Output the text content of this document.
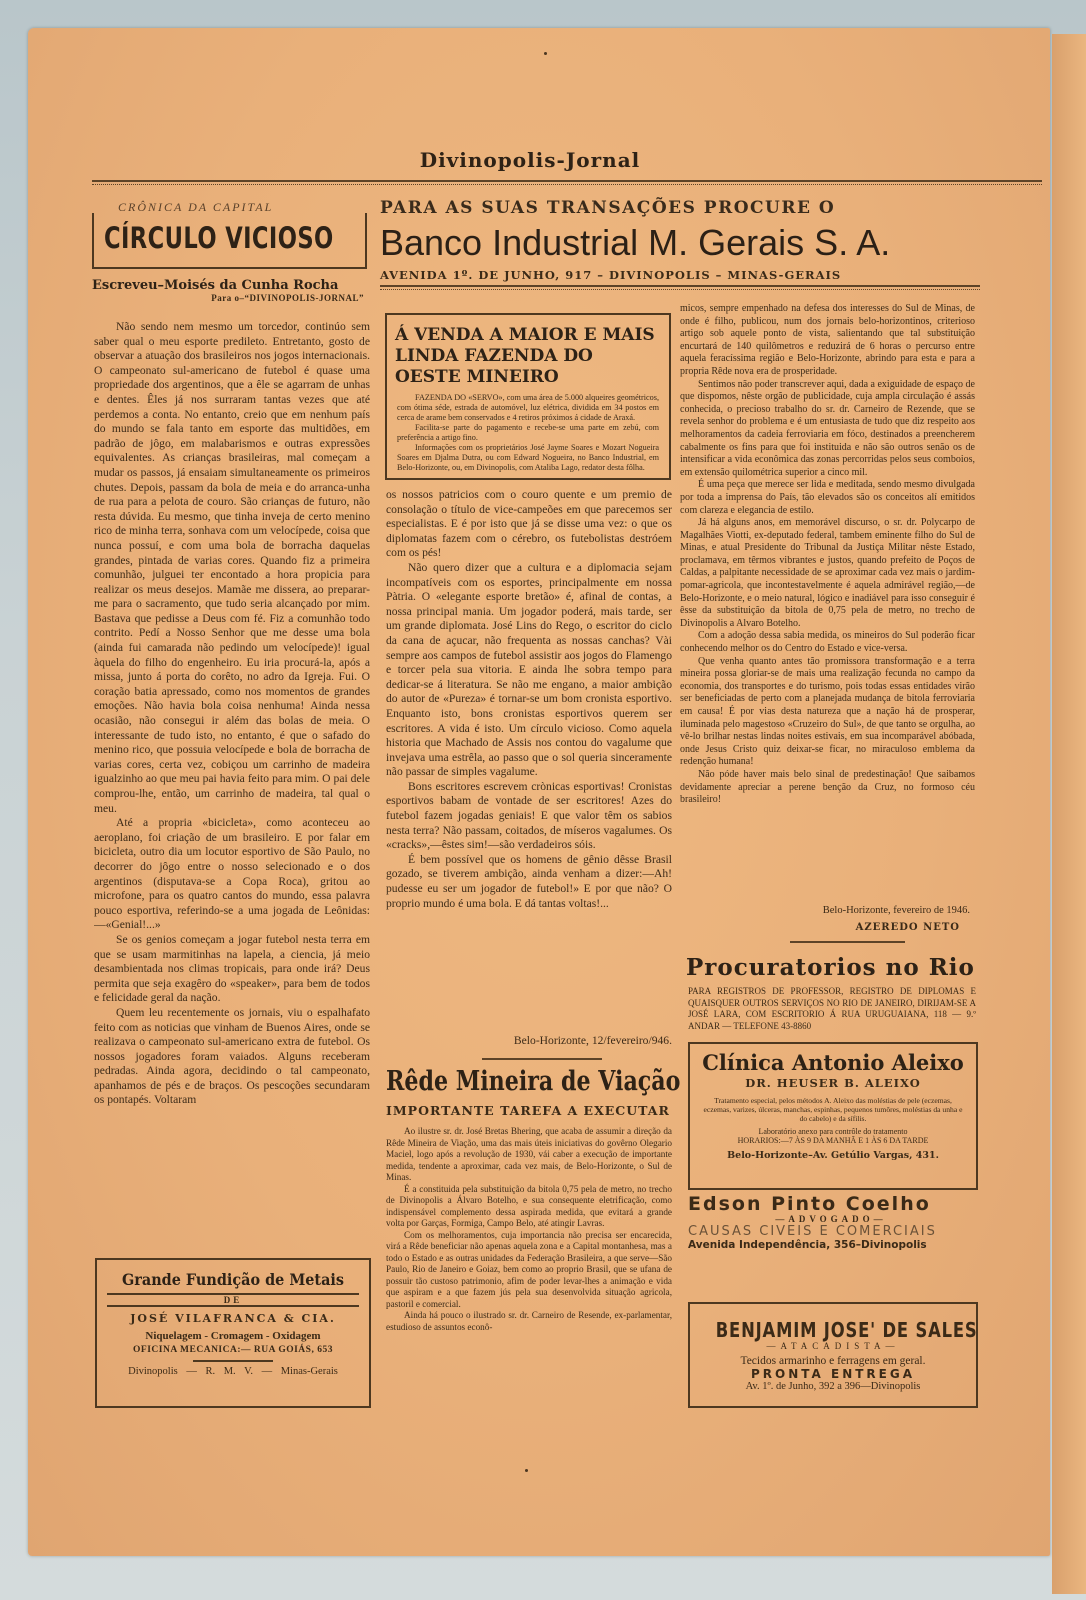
Divinopolis-Jornal
CRÔNICA DA CAPITAL
CÍRCULO VICIOSO
Escreveu–Moisés da Cunha Rocha
Para o–“DIVINOPOLIS-JORNAL”

Não sendo nem mesmo um torcedor, continúo sem saber qual o meu esporte predileto. Entretanto, gosto de observar a atuação dos brasileiros nos jogos internacionais. O campeonato sul-americano de futebol é quase uma propriedade dos argentinos, que a êle se agarram de unhas e dentes. Êles já nos surraram tantas vezes que até perdemos a conta. No entanto, creio que em nenhum país do mundo se fala tanto em esporte das multidões, em padrão de jôgo, em malabarismos e outras expressões equivalentes. As crianças brasileiras, mal começam a mudar os passos, já ensaiam simultaneamente os primeiros chutes. Depois, passam da bola de meia e do arranca-unha de rua para a pelota de couro. São crianças de futuro, não resta dúvida. Eu mesmo, que tinha inveja de certo menino rico de minha terra, sonhava com um velocípede, coisa que nunca possuí, e com uma bola de borracha daquelas grandes, pintada de varias cores. Quando fiz a primeira comunhão, julguei ter encontado a hora propicia para realizar os meus desejos. Mamãe me dissera, ao preparar-me para o sacramento, que tudo seria alcançado por mim. Bastava que pedisse a Deus com fé. Fiz a comunhão todo contrito. Pedí a Nosso Senhor que me desse uma bola (ainda fui camarada não pedindo um velocípede)! igual àquela do filho do engenheiro. Eu iria procurá-la, após a missa, junto á porta do corêto, no adro da Igreja. Fui. O coração batia apressado, como nos momentos de grandes emoções. Não havia bola coisa nenhuma! Ainda nessa ocasião, não consegui ir além das bolas de meia. O interessante de tudo isto, no entanto, é que o safado do menino rico, que possuia velocípede e bola de borracha de varias cores, certa vez, cobiçou um carrinho de madeira igualzinho ao que meu pai havia feito para mim. O pai dele comprou-lhe, então, um carrinho de madeira, tal qual o meu.

Até a propria «bicicleta», como aconteceu ao aeroplano, foi criação de um brasileiro. E por falar em bicicleta, outro dia um locutor esportivo de São Paulo, no decorrer do jôgo entre o nosso selecionado e o dos argentinos (disputava-se a Copa Roca), gritou ao microfone, para os quatro cantos do mundo, essa palavra pouco esportiva, referindo-se a uma jogada de Leônidas:—«Genial!...»

Se os genios começam a jogar futebol nesta terra em que se usam marmitinhas na lapela, a ciencia, já meio desambientada nos climas tropicais, para onde irá? Deus permita que seja exagêro do «speaker», para bem de todos e felicidade geral da nação.

Quem leu recentemente os jornais, viu o espalhafato feito com as noticias que vinham de Buenos Aires, onde se realizava o campeonato sul-americano extra de futebol. Os nossos jogadores foram vaiados. Alguns receberam pedradas. Ainda agora, decidindo o tal campeonato, apanhamos de pés e de braços. Os pescoções secundaram os pontapés. Voltaram

Grande Fundição de Metais
DE
JOSÉ VILAFRANCA & CIA.
Niquelagem - Cromagem - Oxidagem
OFICINA MECANICA:— RUA GOIÁS, 653
Divinopolis — R. M. V. — Minas-Gerais
PARA AS SUAS TRANSAÇÕES PROCURE O
Banco Industrial M. Gerais S. A.
AVENIDA 1º. DE JUNHO, 917 – DIVINOPOLIS – MINAS-GERAIS
Á VENDA A MAIOR E MAIS LINDA FAZENDA DO OESTE MINEIRO

FAZENDA DO «SERVO», com uma área de 5.000 alqueires geométricos, com ótima séde, estrada de automóvel, luz elétrica, dividida em 34 postos em cerca de arame bem conservados e 4 retiros próximos á cidade de Araxá.

Facilita-se parte do pagamento e recebe-se uma parte em zebú, com preferência a artigo fino.

Informações com os proprietários José Jayme Soares e Mozart Nogueira Soares em Djalma Dutra, ou com Edward Nogueira, no Banco Industrial, em Belo-Horizonte, ou, em Divinopolis, com Ataliba Lago, redator desta fôlha.

os nossos patricios com o couro quente e um premio de consolação o título de vice-campeões em que parecemos ser especialistas. E é por isto que já se disse uma vez: o que os diplomatas fazem com o cérebro, os futebolistas destróem com os pés!

Não quero dizer que a cultura e a diplomacia sejam incompatíveis com os esportes, principalmente em nossa Pàtria. O «elegante esporte bretão» é, afinal de contas, a nossa principal mania. Um jogador poderá, mais tarde, ser um grande diplomata. José Lins do Rego, o escritor do ciclo da cana de açucar, não frequenta as nossas canchas? Vài sempre aos campos de futebol assistir aos jogos do Flamengo e torcer pela sua vitoria. E ainda lhe sobra tempo para dedicar-se á literatura. Se não me engano, a maior ambição do autor de «Pureza» é tornar-se um bom cronista esportivo. Enquanto isto, bons cronistas esportivos querem ser escritores. A vida é isto. Um círculo vicioso. Como aquela historia que Machado de Assis nos contou do vagalume que invejava uma estrêla, ao passo que o sol queria sinceramente não passar de simples vagalume.

Bons escritores escrevem crònicas esportivas! Cronistas esportivos babam de vontade de ser escritores! Azes do futebol fazem jogadas geniais! E que valor têm os sabios nesta terra? Não passam, coitados, de míseros vagalumes. Os «cracks»,—êstes sim!—são verdadeiros sóis.

É bem possível que os homens de gênio dêsse Brasil gozado, se tiverem ambição, ainda venham a dizer:—Ah! pudesse eu ser um jogador de futebol!» E por que não? O proprio mundo é uma bola. E dá tantas voltas!...

Belo-Horizonte, 12/fevereiro/946.
Rêde Mineira de Viação
IMPORTANTE TAREFA A EXECUTAR

Ao ilustre sr. dr. José Bretas Bhering, que acaba de assumir a direção da Rêde Mineira de Viação, uma das mais úteis iniciativas do govêrno Olegario Maciel, logo após a revolução de 1930, vái caber a execução de importante medida, tendente a aproximar, cada vez mais, de Belo-Horizonte, o Sul de Minas.

É a constituida pela substituição da bitola 0,75 pela de metro, no trecho de Divinopolis a Álvaro Botelho, e sua consequente eletrificação, como indispensável complemento dessa aspirada medida, que evitará a grande volta por Garças, Formiga, Campo Belo, até atingir Lavras.

Com os melhoramentos, cuja importancia não precisa ser encarecida, virá a Rêde beneficiar não apenas aquela zona e a Capital montanhesa, mas a todo o Estado e as outras unidades da Federação Brasileira, a que serve—São Paulo, Rio de Janeiro e Goiaz, bem como ao proprio Brasil, que se ufana de possuir tão custoso patrimonio, afim de poder levar-lhes a animação e vida que aspiram e a que fazem jús pela sua desenvolvida situação agricola, pastoril e comercial.

Ainda há pouco o ilustrado sr. dr. Carneiro de Resende, ex-parlamentar, estudioso de assuntos econô-

micos, sempre empenhado na defesa dos interesses do Sul de Minas, de onde é filho, publicou, num dos jornais belo-horizontinos, criterioso artigo sob aquele ponto de vista, salientando que tal substituição encurtará de 140 quilômetros e reduzirá de 6 horas o percurso entre aquela feracíssima região e Belo-Horizonte, abrindo para esta e para a propria Rêde nova era de prosperidade.

Sentimos não poder transcrever aqui, dada a exiguidade de espaço de que dispomos, nêste orgão de publicidade, cuja ampla circulação é assás conhecida, o precioso trabalho do sr. dr. Carneiro de Rezende, que se revela senhor do problema e é um entusiasta de tudo que diz respeito aos melhoramentos da cadeia ferroviaria em fóco, destinados a preencherem cabalmente os fins para que foi instituida e não são outros senão os de intensificar a vida econômica das zonas percorridas pelos seus comboios, em extensão quilométrica superior a cinco mil.

É uma peça que merece ser lida e meditada, sendo mesmo divulgada por toda a imprensa do País, tão elevados são os conceitos alí emitidos com clareza e elegancia de estilo.

Já há alguns anos, em memorável discurso, o sr. dr. Polycarpo de Magalhães Viotti, ex-deputado federal, tambem eminente filho do Sul de Minas, e atual Presidente do Tribunal da Justiça Militar nêste Estado, proclamava, em têrmos vibrantes e justos, quando prefeito de Poços de Caldas, a palpitante necessidade de se aproximar cada vez mais o jardim-pomar-agricola, que incontestavelmente é aquela admirável região,—de Belo-Horizonte, e o meio natural, lógico e inadiável para isso conseguir é êsse da substituição da bitola de 0,75 pela de metro, no trecho de Divinopolis a Alvaro Botelho.

Com a adoção dessa sabia medida, os mineiros do Sul poderão ficar conhecendo melhor os do Centro do Estado e vice-versa.

Que venha quanto antes tão promissora transformação e a terra mineira possa gloriar-se de mais uma realização fecunda no campo da economia, dos transportes e do turismo, pois todas essas entidades virão ser beneficiadas de perto com a planejada mudança de bitola ferroviaria em causa! É por vias desta natureza que a nação há de prosperar, iluminada pelo magestoso «Cruzeiro do Sul», de que tanto se orgulha, ao vê-lo brilhar nestas lindas noites estivais, em sua incomparável abóbada, onde Jesus Cristo quiz deixar-se ficar, no miraculoso emblema da redenção humana!

Não póde haver mais belo sinal de predestinação! Que saibamos devidamente apreciar a perene benção da Cruz, no formoso céu brasileiro!

Belo-Horizonte, fevereiro de 1946.
AZEREDO NETO
Procuratorios no Rio
PARA REGISTROS DE PROFESSOR, REGISTRO DE DIPLOMAS E QUAISQUER OUTROS SERVIÇOS NO RIO DE JANEIRO, DIRIJAM-SE A JOSÉ LARA, COM ESCRITORIO Á RUA URUGUAIANA, 118 — 9.º ANDAR — TELEFONE 43-8860
Clínica Antonio Aleixo
DR. HEUSER B. ALEIXO
Tratamento especial, pelos métodos A. Aleixo das moléstias de pele (eczemas, eczemas, varizes, úlceras, manchas, espinhas, pequenos tumôres, moléstias da unha e do cabelo) e da sífilis.
Laboratório anexo para contrôle do tratamento
HORARIOS:—7 ÀS 9 DA MANHÃ E 1 ÀS 6 DA TARDE
Belo-Horizonte–Av. Getúlio Vargas, 431.
Edson Pinto Coelho
—ADVOGADO—
CAUSAS CIVEIS E COMERCIAIS
Avenida Independência, 356–Divinopolis
BENJAMIM JOSE' DE SALES
—ATACADISTA—
Tecidos armarinho e ferragens em geral.
PRONTA ENTREGA
Av. 1º. de Junho, 392 a 396—Divinopolis
